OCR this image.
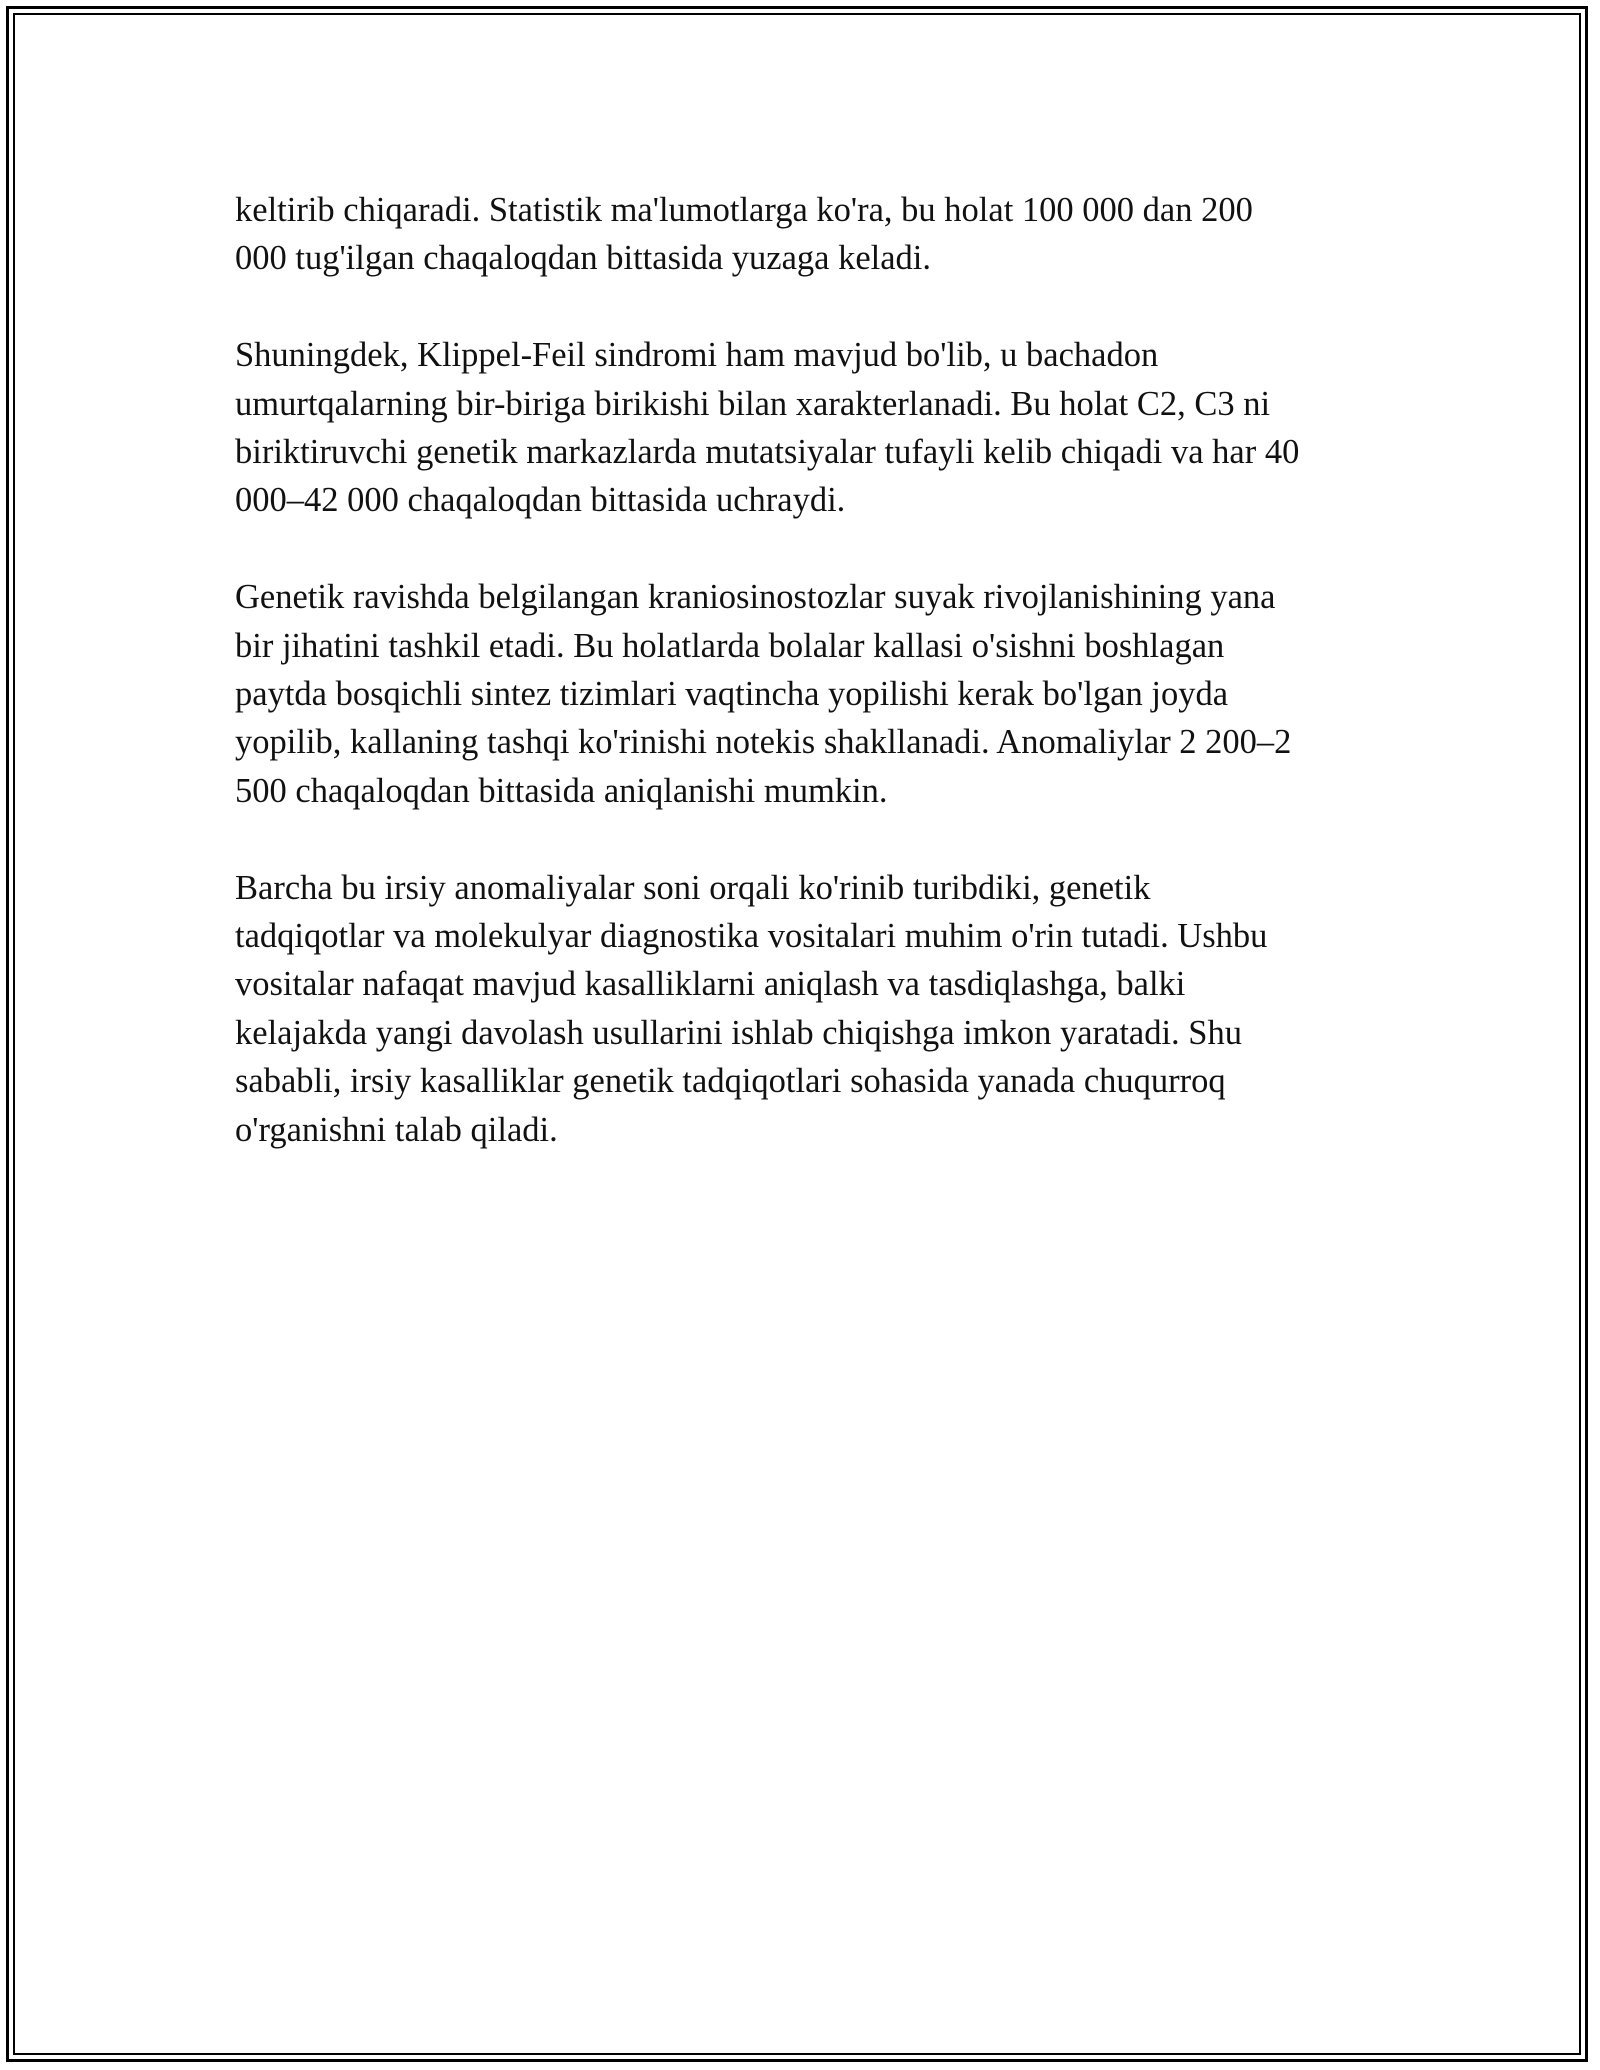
keltirib chiqaradi. Statistik ma'lumotlarga ko'ra, bu holat 100 000 dan 200
000 tug'ilgan chaqaloqdan bittasida yuzaga keladi.

Shuningdek, Klippel-Feil sindromi ham mavjud bo'lib, u bachadon
umurtqalarning bir-biriga birikishi bilan xarakterlanadi. Bu holat C2, C3 ni
biriktiruvchi genetik markazlarda mutatsiyalar tufayli kelib chiqadi va har 40
000–42 000 chaqaloqdan bittasida uchraydi.

Genetik ravishda belgilangan kraniosinostozlar suyak rivojlanishining yana
bir jihatini tashkil etadi. Bu holatlarda bolalar kallasi o'sishni boshlagan
paytda bosqichli sintez tizimlari vaqtincha yopilishi kerak bo'lgan joyda
yopilib, kallaning tashqi ko'rinishi notekis shakllanadi. Anomaliylar 2 200–2
500 chaqaloqdan bittasida aniqlanishi mumkin.

Barcha bu irsiy anomaliyalar soni orqali ko'rinib turibdiki, genetik
tadqiqotlar va molekulyar diagnostika vositalari muhim o'rin tutadi. Ushbu
vositalar nafaqat mavjud kasalliklarni aniqlash va tasdiqlashga, balki
kelajakda yangi davolash usullarini ishlab chiqishga imkon yaratadi. Shu
sababli, irsiy kasalliklar genetik tadqiqotlari sohasida yanada chuqurroq
o'rganishni talab qiladi.
